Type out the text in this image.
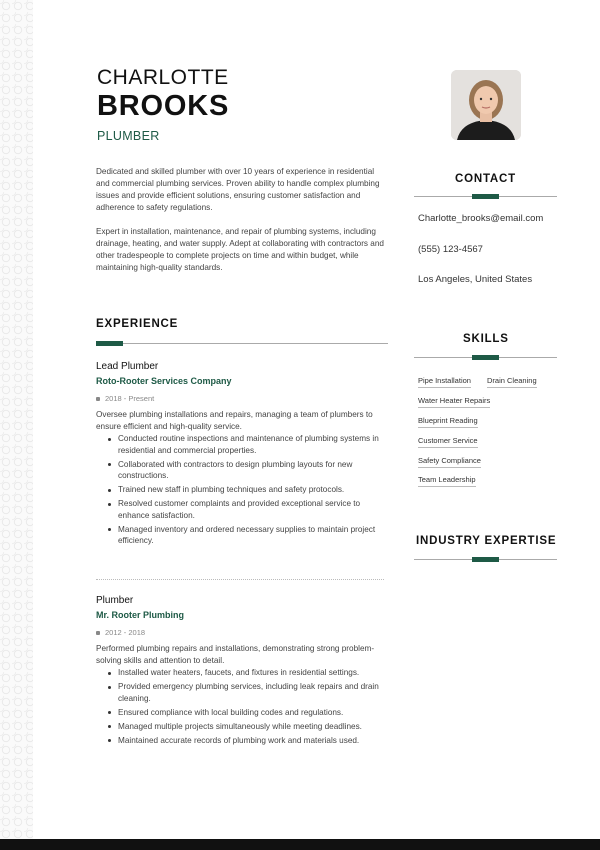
CHARLOTTE
BROOKS
PLUMBER

Dedicated and skilled plumber with over 10 years of experience in residential and commercial plumbing services. Proven ability to handle complex plumbing issues and provide efficient solutions, ensuring customer satisfaction and adherence to safety regulations.

Expert in installation, maintenance, and repair of plumbing systems, including drainage, heating, and water supply. Adept at collaborating with contractors and other tradespeople to complete projects on time and within budget, while maintaining high-quality standards.

EXPERIENCE
Lead Plumber
Roto-Rooter Services Company
2018 - Present
Oversee plumbing installations and repairs, managing a team of plumbers to ensure efficient and high-quality service.
Conducted routine inspections and maintenance of plumbing systems in residential and commercial properties.
Collaborated with contractors to design plumbing layouts for new constructions.
Trained new staff in plumbing techniques and safety protocols.
Resolved customer complaints and provided exceptional service to enhance satisfaction.
Managed inventory and ordered necessary supplies to maintain project efficiency.
Plumber
Mr. Rooter Plumbing
2012 - 2018
Performed plumbing repairs and installations, demonstrating strong problem-solving skills and attention to detail.
Installed water heaters, faucets, and fixtures in residential settings.
Provided emergency plumbing services, including leak repairs and drain cleaning.
Ensured compliance with local building codes and regulations.
Managed multiple projects simultaneously while meeting deadlines.
Maintained accurate records of plumbing work and materials used.
CONTACT
Charlotte_brooks@email.com
(555) 123-4567
Los Angeles, United States
SKILLS
Pipe Installation Drain Cleaning
Water Heater Repairs
Blueprint Reading
Customer Service
Safety Compliance
Team Leadership
INDUSTRY EXPERTISE
